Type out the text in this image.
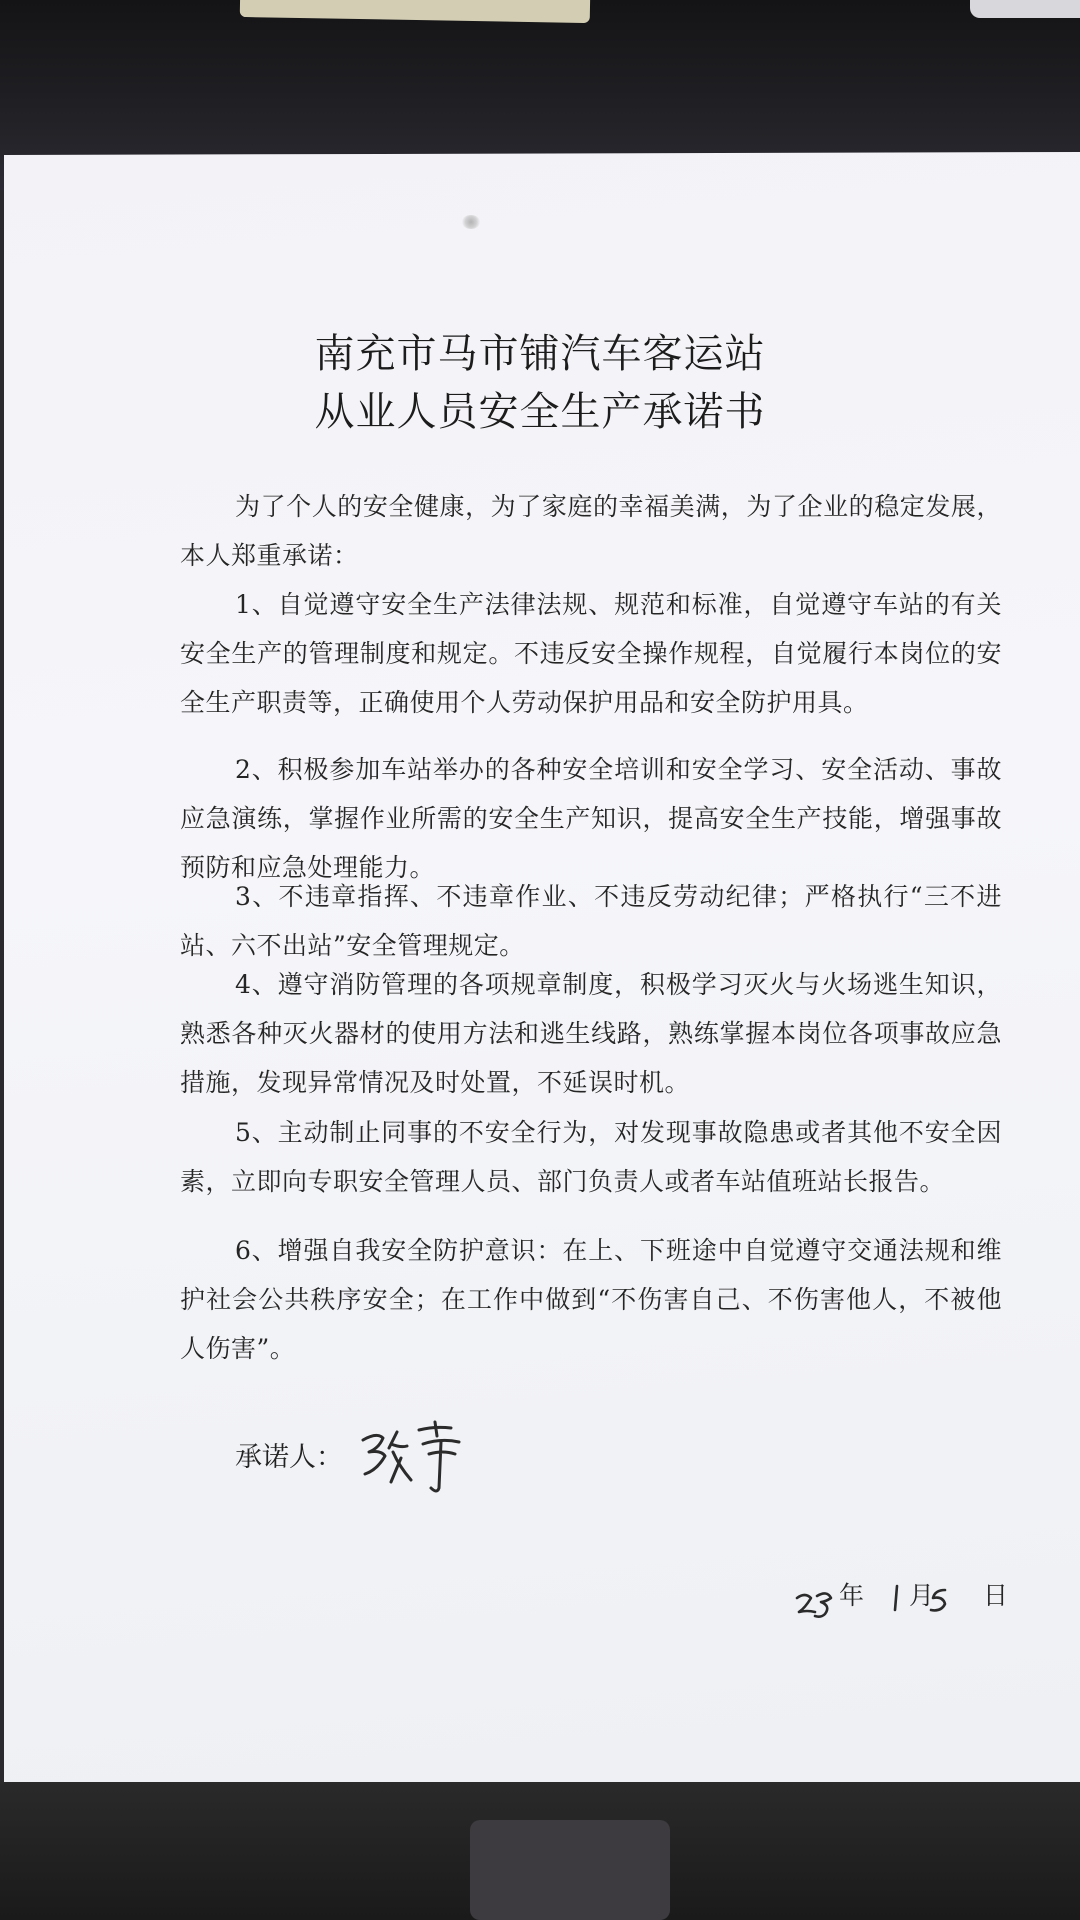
南充市马市铺汽车客运站
从业人员安全生产承诺书
为了个人的安全健康，为了家庭的幸福美满，为了企业的稳定发展，本人郑重承诺：
1、自觉遵守安全生产法律法规、规范和标准，自觉遵守车站的有关安全生产的管理制度和规定。不违反安全操作规程，自觉履行本岗位的安全生产职责等，正确使用个人劳动保护用品和安全防护用具。
2、积极参加车站举办的各种安全培训和安全学习、安全活动、事故应急演练，掌握作业所需的安全生产知识，提高安全生产技能，增强事故预防和应急处理能力。
3、不违章指挥、不违章作业、不违反劳动纪律；严格执行“三不进站、六不出站”安全管理规定。
4、遵守消防管理的各项规章制度，积极学习灭火与火场逃生知识，熟悉各种灭火器材的使用方法和逃生线路，熟练掌握本岗位各项事故应急措施，发现异常情况及时处置，不延误时机。
5、主动制止同事的不安全行为，对发现事故隐患或者其他不安全因素，立即向专职安全管理人员、部门负责人或者车站值班站长报告。
6、增强自我安全防护意识：在上、下班途中自觉遵守交通法规和维护社会公共秩序安全；在工作中做到“不伤害自己、不伤害他人，不被他人伤害”。
承诺人：
年 月 日
